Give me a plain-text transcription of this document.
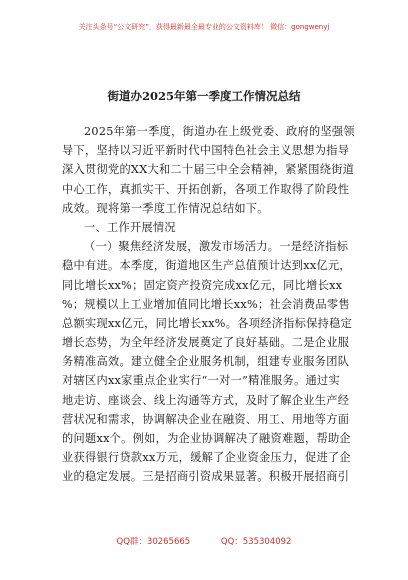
关注头条号“公文研究”，获得最新最全最专业的公文资料库！ 微信：gongwenyj
街道办2025年第一季度工作情况总结
2025年第一季度，街道办在上级党委、政府的坚强领
导下，坚持以习近平新时代中国特色社会主义思想为指导
深入贯彻党的XX大和二十届三中全会精神，紧紧围绕街道
中心工作，真抓实干、开拓创新，各项工作取得了阶段性
成效。现将第一季度工作情况总结如下。
一、工作开展情况
（一）聚焦经济发展，激发市场活力。一是经济指标
稳中有进。本季度，街道地区生产总值预计达到xx亿元，
同比增长xx%；固定资产投资完成xx亿元，同比增长xx
%；规模以上工业增加值同比增长xx%；社会消费品零售
总额实现xx亿元，同比增长xx%。各项经济指标保持稳定
增长态势，为全年经济发展奠定了良好基础。二是企业服
务精准高效。建立健全企业服务机制，组建专业服务团队
对辖区内xx家重点企业实行“一对一”精准服务。通过实
地走访、座谈会、线上沟通等方式，及时了解企业生产经
营状况和需求，协调解决企业在融资、用工、用地等方面
的问题xx个。例如，为企业协调解决了融资难题，帮助企
业获得银行贷款xx万元，缓解了企业资金压力，促进了企
业的稳定发展。三是招商引资成果显著。积极开展招商引
QQ群：30265665	QQ：535304092
